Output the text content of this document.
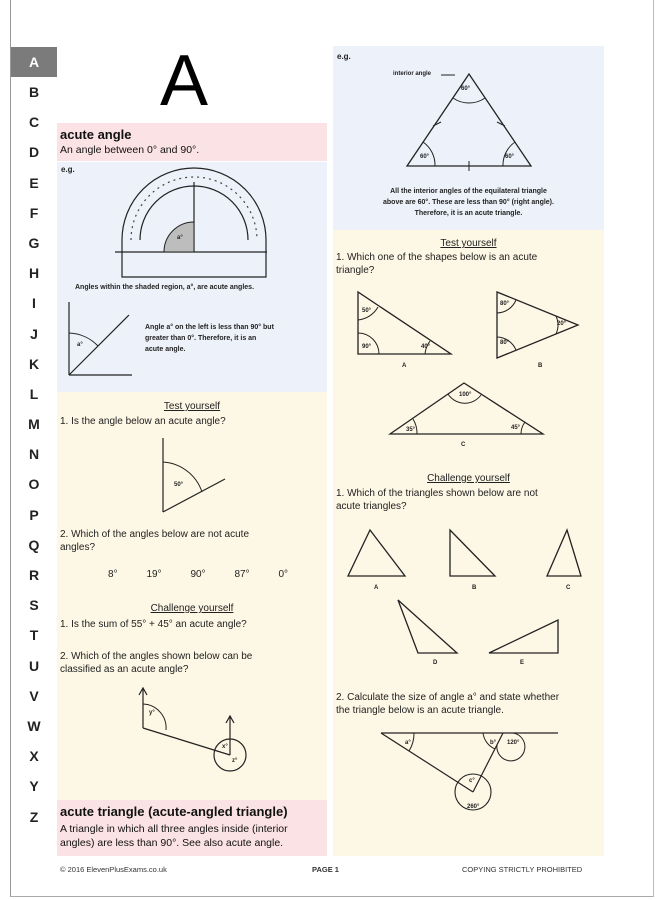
A
B
C
D
E
F
G
H
I
J
K
L
M
N
O
P
Q
R
S
T
U
V
W
X
Y
Z
A
acute angle
An angle between 0° and 90°.
e.g.
a°
Angles within the shaded region, a°, are acute angles.
a°
Angle a° on the left is less than 90° but
greater than 0°. Therefore, it is an
acute angle.
Test yourself
1. Is the angle below an acute angle?
50°
2. Which of the angles below are not acute
angles?
Challenge yourself
1. Is the sum of 55° + 45° an acute angle?
2. Which of the angles shown below can be
classified as an acute angle?
y°
x°
z°
8°	19°	90°	87°	0°
acute triangle (acute-angled triangle)
A triangle in which all three angles inside (interior
angles) are less than 90°. See also acute angle.
e.g.
interior angle
60°
60°	60°
All the interior angles of the equilateral triangle
above are 60°. These are less than 90° (right angle).
Therefore, it is an acute triangle.
Test yourself
1. Which one of the shapes below is an acute
triangle?
50°
90°	40°
A
80°
80°
20°
B
100°
35°	45°
C
Challenge yourself
1. Which of the triangles shown below are not
acute triangles?
A	B	C
D	E
2. Calculate the size of angle a° and state whether
the triangle below is an acute triangle.
a°	b° 120°
c°
260°
© 2016 ElevenPlusExams.co.uk	PAGE 1	COPYING STRICTLY PROHIBITED
